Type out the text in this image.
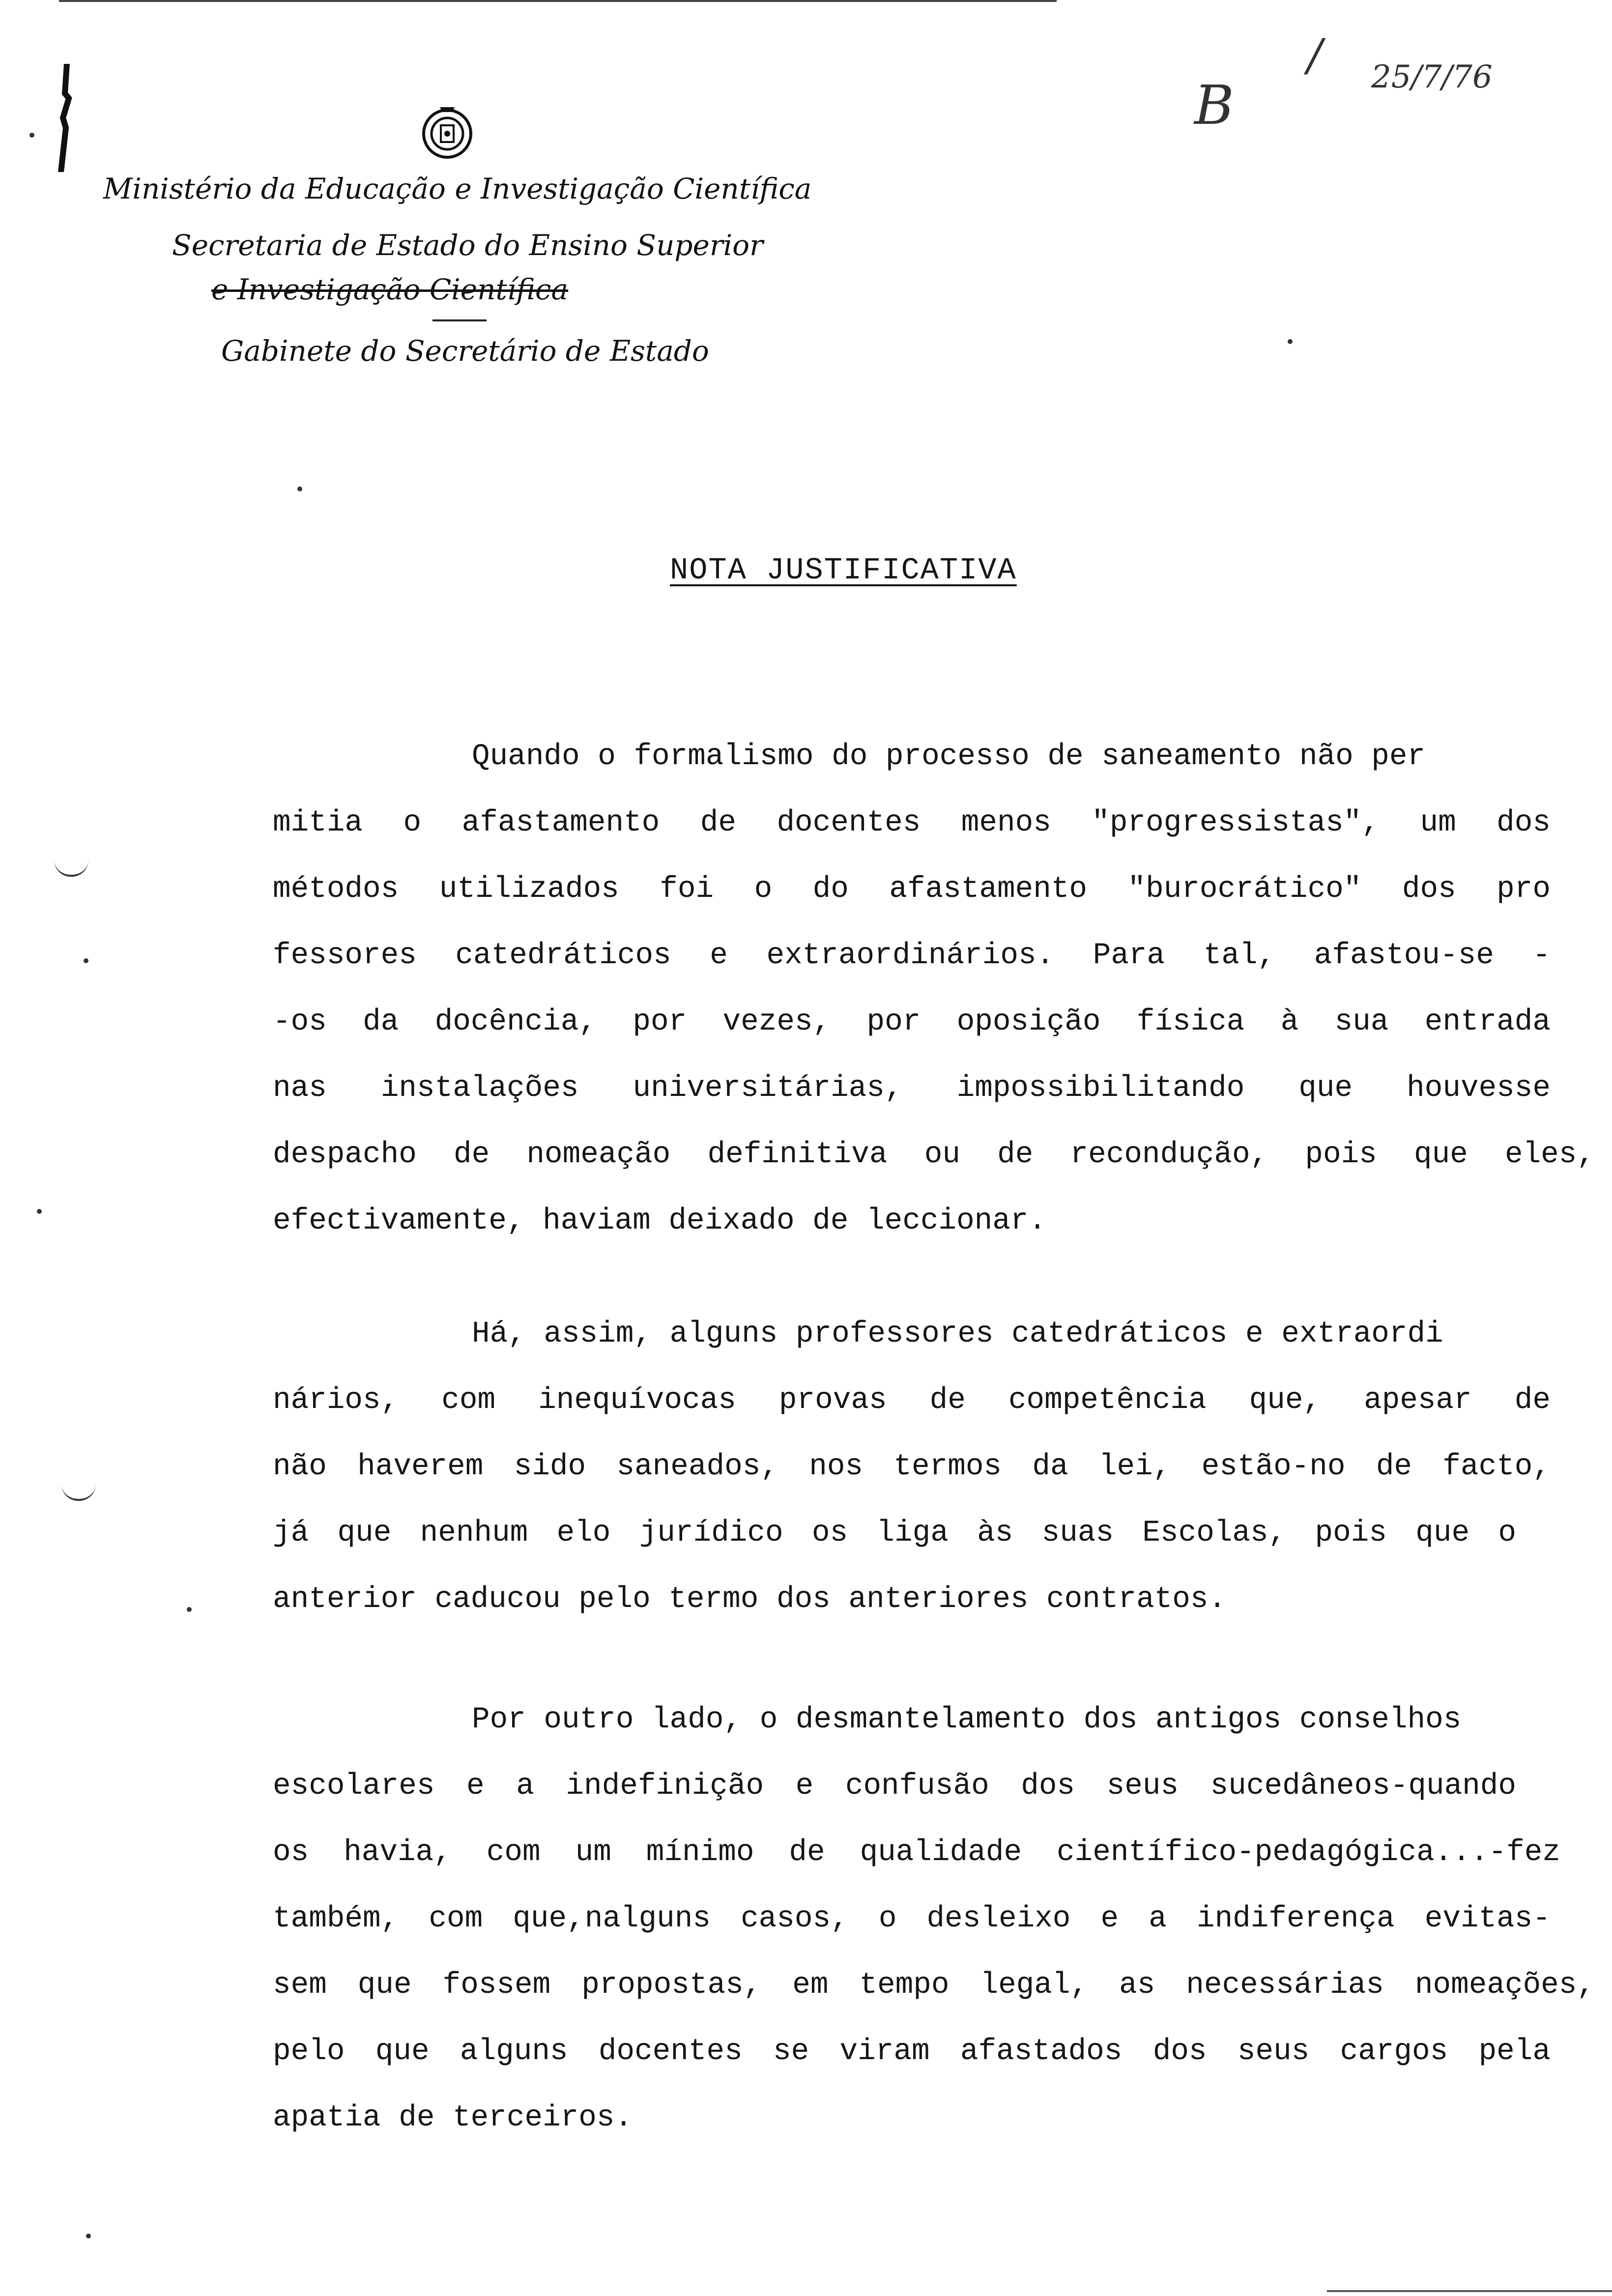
Ministério da Educação e Investigação Científica
Secretaria de Estado do Ensino Superior
e Investigação Científica
Gabinete do Secretário de Estado
/
B	25/7/76
NOTA JUSTIFICATIVA
Quando o formalismo do processo de saneamento não per
mitia o afastamento de docentes menos "progressistas", um dos
métodos utilizados foi o do afastamento "burocrático" dos pro
fessores catedráticos e extraordinários. Para tal, afastou-se -
-os da docência, por vezes, por oposição física à sua entrada
nas instalações universitárias, impossibilitando que houvesse
despacho de nomeação definitiva ou de recondução, pois que eles,
efectivamente, haviam deixado de leccionar.
Há, assim, alguns professores catedráticos e extraordi
nários, com inequívocas provas de competência que, apesar de
não haverem sido saneados, nos termos da lei, estão-no de facto,
já que nenhum elo jurídico os liga às suas Escolas, pois que o
anterior caducou pelo termo dos anteriores contratos.
Por outro lado, o desmantelamento dos antigos conselhos
escolares e a indefinição e confusão dos seus sucedâneos-quando
os havia, com um mínimo de qualidade científico-pedagógica...-fez
também, com que,nalguns casos, o desleixo e a indiferença evitas-
sem que fossem propostas, em tempo legal, as necessárias nomeações,
pelo que alguns docentes se viram afastados dos seus cargos pela
apatia de terceiros.
